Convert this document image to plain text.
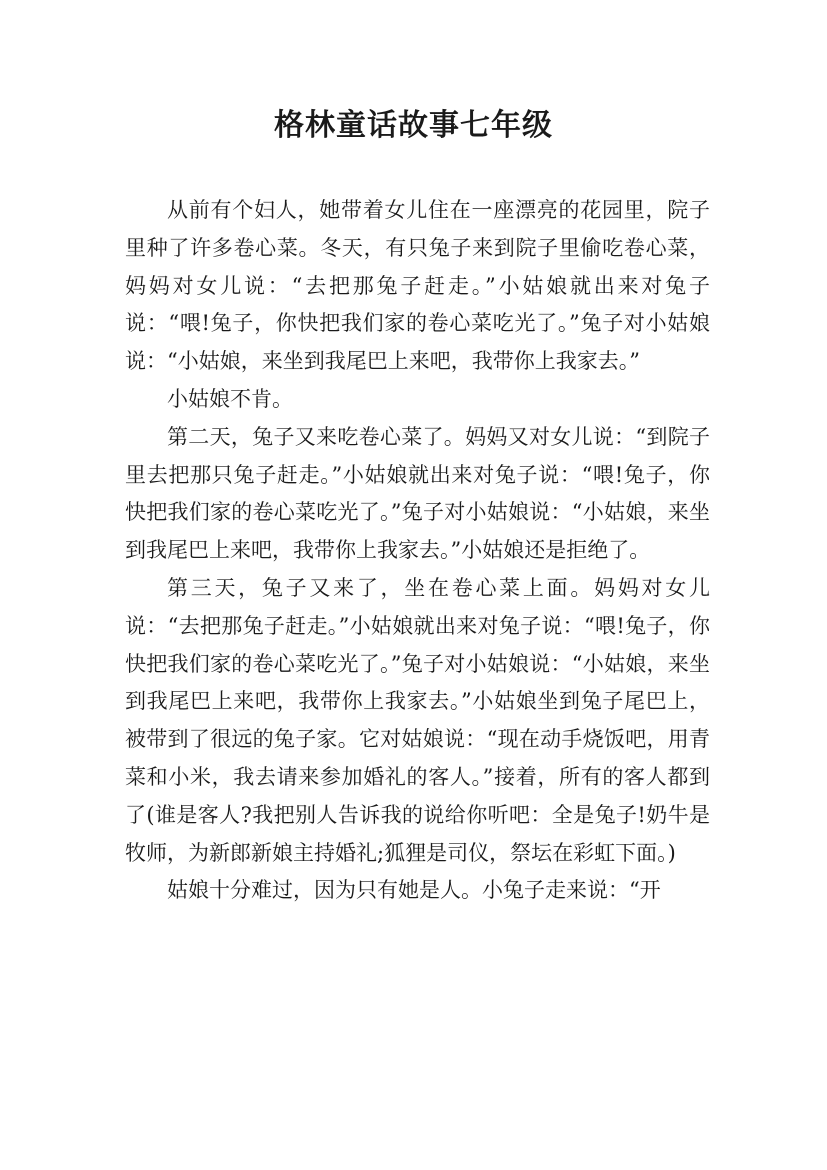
格林童话故事七年级

从前有个妇人，她带着女儿住在一座漂亮的花园里，院子里种了许多卷心菜。冬天，有只兔子来到院子里偷吃卷心菜，妈妈对女儿说：“去把那兔子赶走。”小姑娘就出来对兔子说：“喂!兔子，你快把我们家的卷心菜吃光了。”兔子对小姑娘说：“小姑娘，来坐到我尾巴上来吧，我带你上我家去。”

小姑娘不肯。

第二天，兔子又来吃卷心菜了。妈妈又对女儿说：“到院子里去把那只兔子赶走。”小姑娘就出来对兔子说：“喂!兔子，你快把我们家的卷心菜吃光了。”兔子对小姑娘说：“小姑娘，来坐到我尾巴上来吧，我带你上我家去。”小姑娘还是拒绝了。

第三天，兔子又来了，坐在卷心菜上面。妈妈对女儿说：“去把那兔子赶走。”小姑娘就出来对兔子说：“喂!兔子，你快把我们家的卷心菜吃光了。”兔子对小姑娘说：“小姑娘，来坐到我尾巴上来吧，我带你上我家去。”小姑娘坐到兔子尾巴上，被带到了很远的兔子家。它对姑娘说：“现在动手烧饭吧，用青菜和小米，我去请来参加婚礼的客人。”接着，所有的客人都到了(谁是客人?我把别人告诉我的说给你听吧：全是兔子!奶牛是牧师，为新郎新娘主持婚礼;狐狸是司仪，祭坛在彩虹下面。)

姑娘十分难过，因为只有她是人。小兔子走来说：“开
